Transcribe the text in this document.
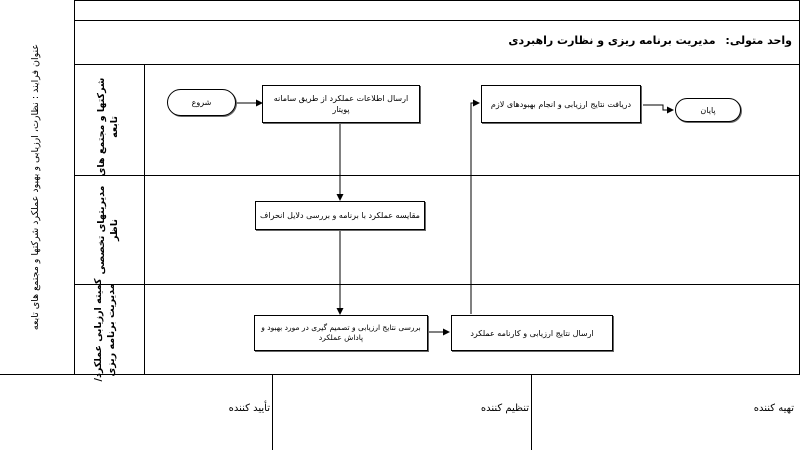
واحد متولی: مدیریت برنامه ریزی و نظارت راهبردی
عنوان فرایند : نظارت، ارزیابی و بهبود عملکرد شرکتها و مجتمع های تابعه	شرکتها و مجتمع های تابعه
مدیریتهای تخصصی ناظر
کمیته ارزیابی عملکرد/ مدیریت برنامه ریزی
شروع	ارسال اطلاعات عملکرد از طریق سامانه پویتار
دریافت نتایج ارزیابی و انجام بهبودهای لازم
پایان
مقایسه عملکرد با برنامه و بررسی دلایل انحراف
بررسی نتایج ارزیابی و تصمیم گیری در مورد بهبود و پاداش عملکرد	ارسال نتایج ارزیابی و کارنامه عملکرد
تأیید کننده	تنظیم کننده	تهیه کننده
